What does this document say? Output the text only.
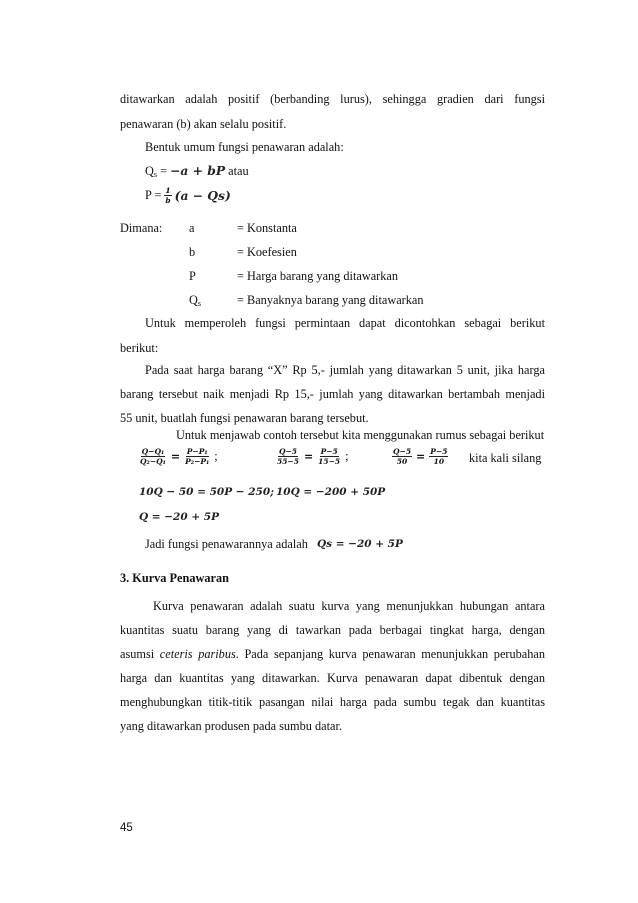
ditawarkan adalah positif (berbanding lurus), sehingga gradien dari fungsi
penawaran (b) akan selalu positif.
Bentuk umum fungsi penawaran adalah:
$Q_s = -a$ + bP atau
$P = \frac{1}{b} (a - Qs)$
Dimana: a	= Konstanta
b	= Koefesien
P	= Harga barang yang ditawarkan
$Q_s$	= Banyaknya barang yang ditawarkan
Untuk memperoleh fungsi permintaan dapat dicontohkan sebagai berikut
berikut:
Pada saat harga barang “X” Rp 5,- jumlah yang ditawarkan 5 unit, jika harga
barang tersebut naik menjadi Rp 15,- jumlah yang ditawarkan bertambah menjadi
55 unit, buatlah fungsi penawaran barang tersebut.
Untuk menjawab contoh tersebut kita menggunakan rumus sebagai berikut
$\frac{\text{Q−Q₁}}{\text{Q₂−Q₁}} = \frac{\text{P−P₁}}{\text{P₂−P₁}}$ ;	$\frac{Q-5}{55-5} = \frac{P-5}{15-5}$ ;	$\frac{Q-5}{50} = \frac{P-5}{10}$ kita kali silang
10Q − 50 = 50P − 250; 10Q = −200 + 50P
Q = −20 + 5P
Jadi fungsi penawarannya adalah Qs = −20 + 5P
3. Kurva Penawaran
Kurva penawaran adalah suatu kurva yang menunjukkan hubungan antara
kuantitas suatu barang yang di tawarkan pada berbagai tingkat harga, dengan
asumsi ceteris paribus. Pada sepanjang kurva penawaran menunjukkan perubahan
harga dan kuantitas yang ditawarkan. Kurva penawaran dapat dibentuk dengan
menghubungkan titik-titik pasangan nilai harga pada sumbu tegak dan kuantitas
yang ditawarkan produsen pada sumbu datar.
45
